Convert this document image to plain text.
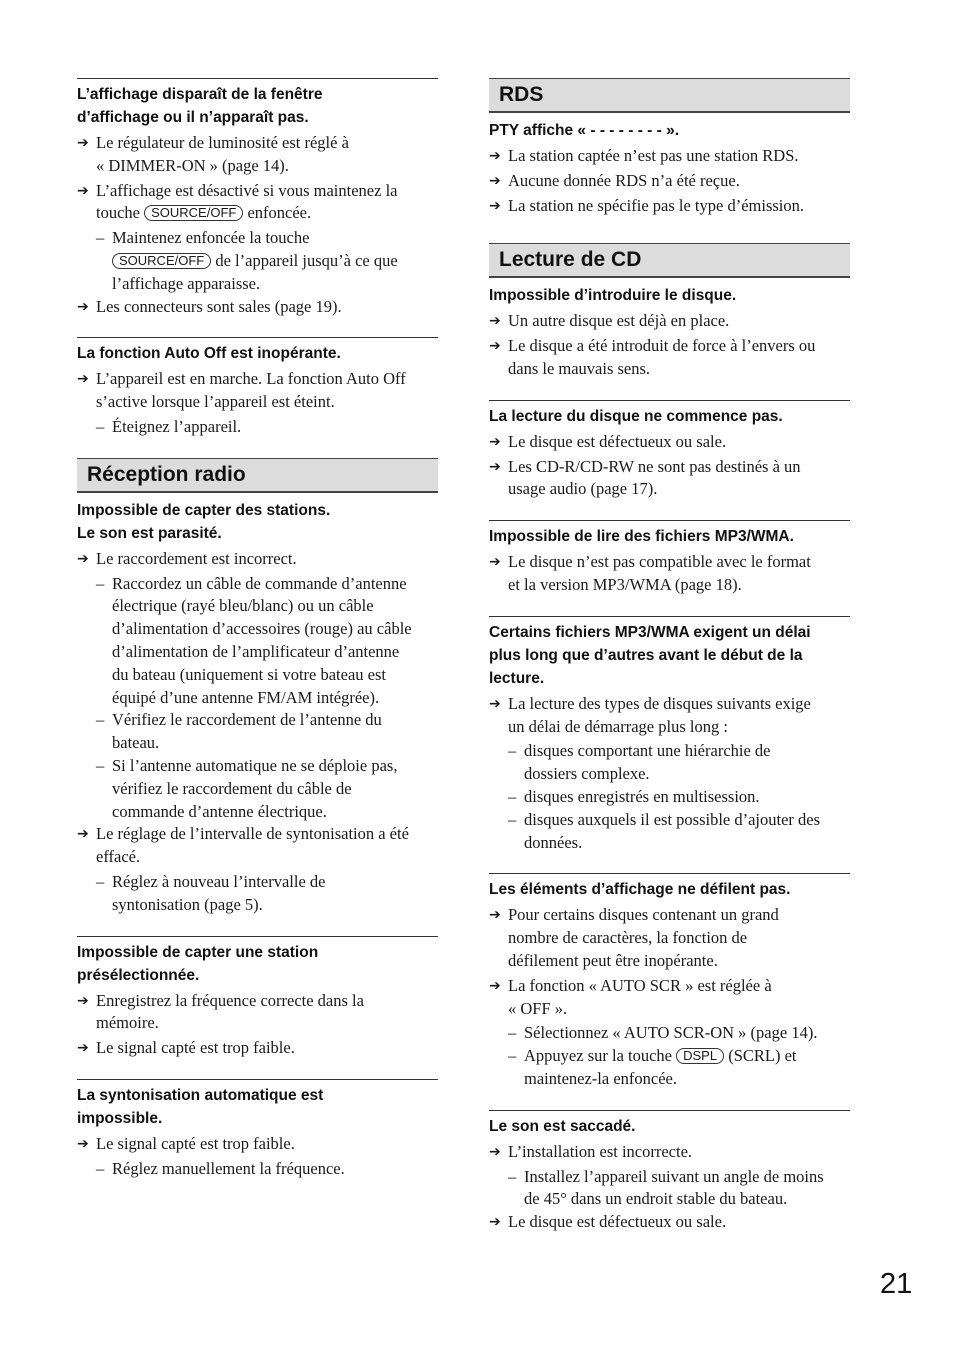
L’affichage disparaît de la fenêtre
d’affichage ou il n’apparaît pas.
➔ Le régulateur de luminosité est réglé à
« DIMMER-ON » (page 14).
➔ L’affichage est désactivé si vous maintenez la
touche SOURCE/OFF enfoncée.
– Maintenez enfoncée la touche
SOURCE/OFF de l’appareil jusqu’à ce que
l’affichage apparaisse.
➔ Les connecteurs sont sales (page 19).
La fonction Auto Off est inopérante.
➔ L’appareil est en marche. La fonction Auto Off
s’active lorsque l’appareil est éteint.
– Éteignez l’appareil.
Réception radio
Impossible de capter des stations.
Le son est parasité.
➔ Le raccordement est incorrect.
– Raccordez un câble de commande d’antenne
électrique (rayé bleu/blanc) ou un câble
d’alimentation d’accessoires (rouge) au câble
d’alimentation de l’amplificateur d’antenne
du bateau (uniquement si votre bateau est
équipé d’une antenne FM/AM intégrée).
– Vérifiez le raccordement de l’antenne du
bateau.
– Si l’antenne automatique ne se déploie pas,
vérifiez le raccordement du câble de
commande d’antenne électrique.
➔ Le réglage de l’intervalle de syntonisation a été
effacé.
– Réglez à nouveau l’intervalle de
syntonisation (page 5).
Impossible de capter une station
présélectionnée.
➔ Enregistrez la fréquence correcte dans la
mémoire.
➔ Le signal capté est trop faible.
La syntonisation automatique est
impossible.
➔ Le signal capté est trop faible.
– Réglez manuellement la fréquence.
RDS
PTY affiche « - - - - - - - - ».
➔ La station captée n’est pas une station RDS.
➔ Aucune donnée RDS n’a été reçue.
➔ La station ne spécifie pas le type d’émission.
Lecture de CD
Impossible d’introduire le disque.
➔ Un autre disque est déjà en place.
➔ Le disque a été introduit de force à l’envers ou
dans le mauvais sens.
La lecture du disque ne commence pas.
➔ Le disque est défectueux ou sale.
➔ Les CD-R/CD-RW ne sont pas destinés à un
usage audio (page 17).
Impossible de lire des fichiers MP3/WMA.
➔ Le disque n’est pas compatible avec le format
et la version MP3/WMA (page 18).
Certains fichiers MP3/WMA exigent un délai
plus long que d’autres avant le début de la
lecture.
➔ La lecture des types de disques suivants exige
un délai de démarrage plus long :
– disques comportant une hiérarchie de
dossiers complexe.
– disques enregistrés en multisession.
– disques auxquels il est possible d’ajouter des
données.
Les éléments d’affichage ne défilent pas.
➔ Pour certains disques contenant un grand
nombre de caractères, la fonction de
défilement peut être inopérante.
➔ La fonction « AUTO SCR » est réglée à
« OFF ».
– Sélectionnez « AUTO SCR-ON » (page 14).
– Appuyez sur la touche DSPL (SCRL) et
maintenez-la enfoncée.
Le son est saccadé.
➔ L’installation est incorrecte.
– Installez l’appareil suivant un angle de moins
de 45° dans un endroit stable du bateau.
➔ Le disque est défectueux ou sale.
21
